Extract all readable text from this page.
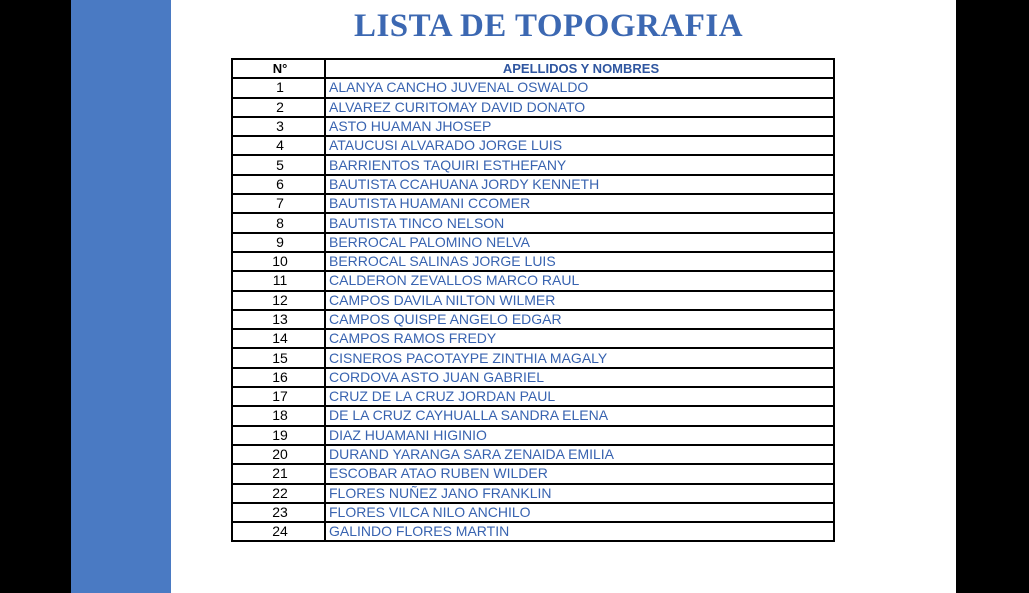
LISTA DE TOPOGRAFIA
N°	APELLIDOS Y NOMBRES
1	ALANYA CANCHO JUVENAL OSWALDO
2	ALVAREZ CURITOMAY DAVID DONATO
3	ASTO HUAMAN JHOSEP
4	ATAUCUSI ALVARADO JORGE LUIS
5	BARRIENTOS TAQUIRI ESTHEFANY
6	BAUTISTA CCAHUANA JORDY KENNETH
7	BAUTISTA HUAMANI CCOMER
8	BAUTISTA TINCO NELSON
9	BERROCAL PALOMINO NELVA
10	BERROCAL SALINAS JORGE LUIS
11	CALDERON ZEVALLOS MARCO RAUL
12	CAMPOS DAVILA NILTON WILMER
13	CAMPOS QUISPE ANGELO EDGAR
14	CAMPOS RAMOS FREDY
15	CISNEROS PACOTAYPE ZINTHIA MAGALY
16	CORDOVA ASTO JUAN GABRIEL
17	CRUZ DE LA CRUZ JORDAN PAUL
18	DE LA CRUZ CAYHUALLA SANDRA ELENA
19	DIAZ HUAMANI HIGINIO
20	DURAND YARANGA SARA ZENAIDA EMILIA
21	ESCOBAR ATAO RUBEN WILDER
22	FLORES NUÑEZ JANO FRANKLIN
23	FLORES VILCA NILO ANCHILO
24	GALINDO FLORES MARTIN
